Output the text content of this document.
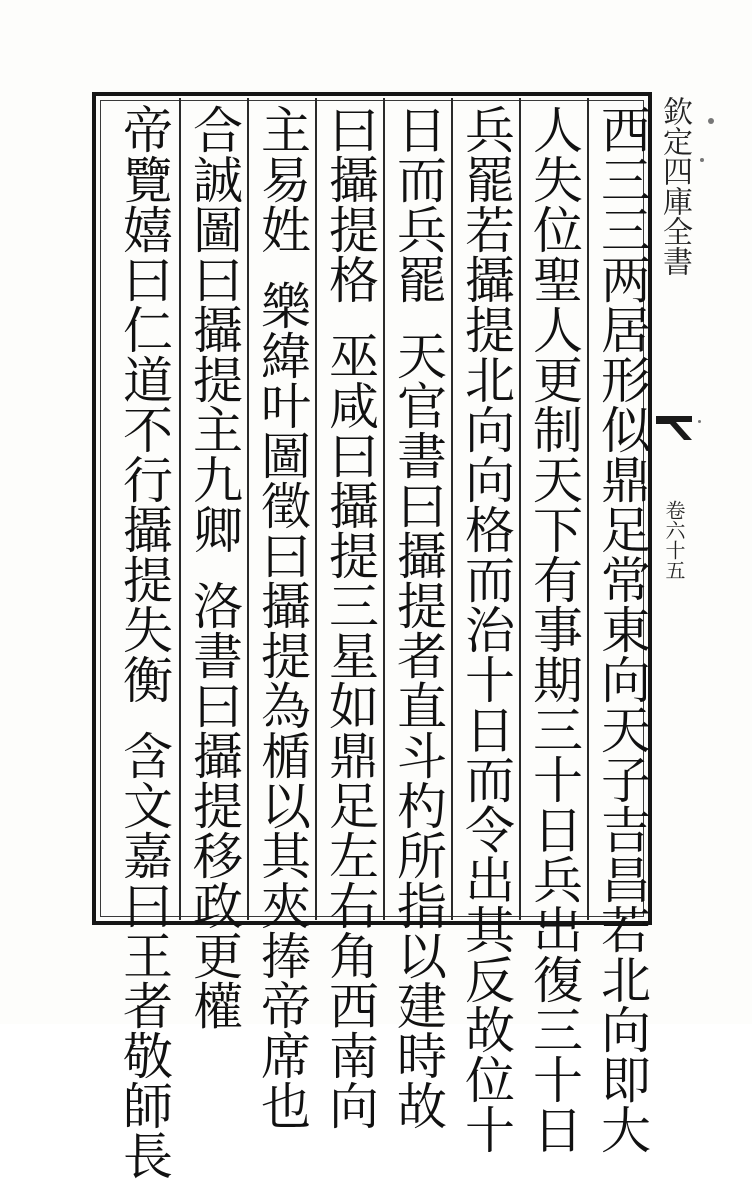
西三三两居形似鼎足常東向天子吉昌若北向即大
人失位聖人更制天下有事期三十日兵出復三十日
兵罷若攝提北向向格而治十日而令出其反故位十
日而兵罷天官書曰攝提者直斗杓所指以建時故
曰攝提格巫咸曰攝提三星如鼎足左右角西南向
主易姓樂緯叶圖徵曰攝提為楯以其夾捧帝席也
合誠圖曰攝提主九卿洛書曰攝提移政更權
帝覽嬉曰仁道不行攝提失衡含文嘉曰王者敬師長
欽定四庫全書
卷六十五
